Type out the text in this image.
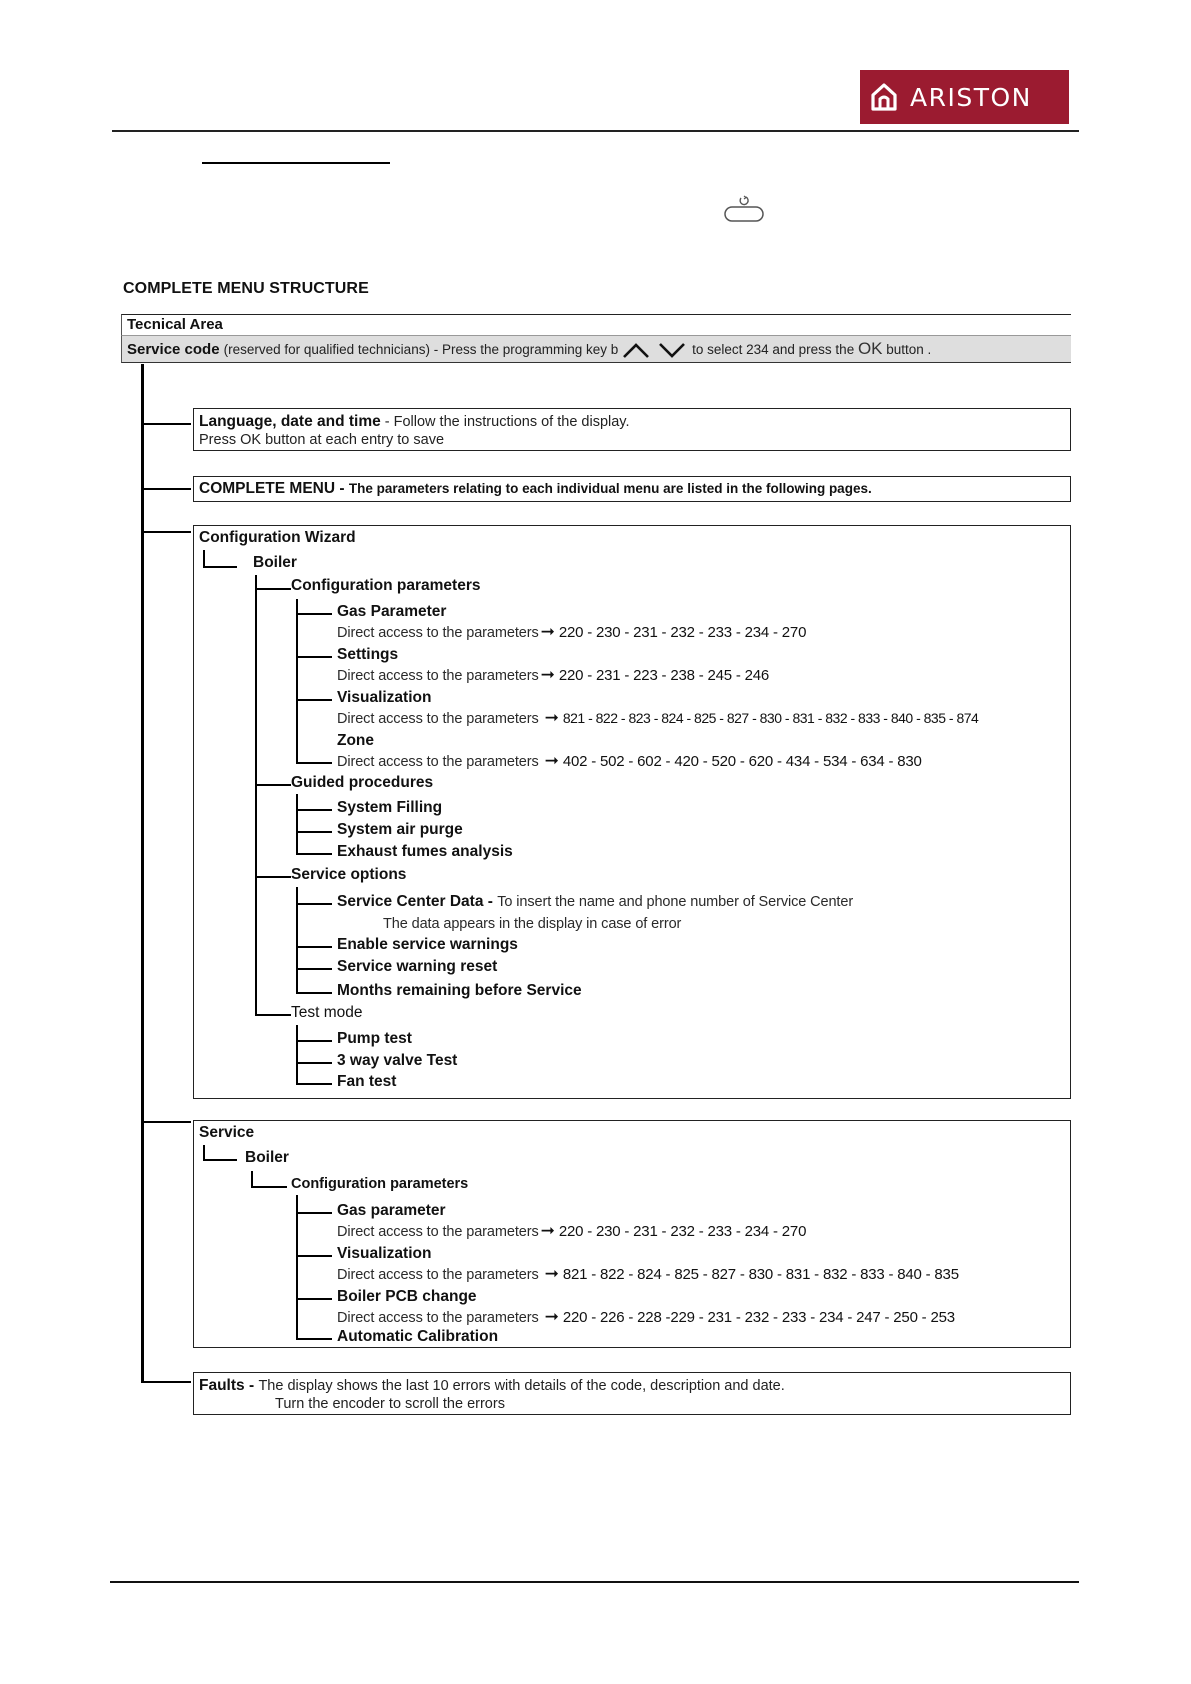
ARISTON
COMPLETE MENU STRUCTURE
Tecnical Area
Service code (reserved for qualified technicians) - Press the programming key b	to select 234 and press the OK button .
Language, date and time - Follow the instructions of the display.
Press OK button at each entry to save
COMPLETE MENU - The parameters relating to each individual menu are listed in the following pages.
Configuration Wizard
Boiler
Configuration parameters
Gas Parameter
Direct access to the parameters ➞ 220 - 230 - 231 - 232 - 233 - 234 - 270
Settings
Direct access to the parameters ➞ 220 - 231 - 223 - 238 - 245 - 246
Visualization
Direct access to the parameters ➞ 821 - 822 - 823 - 824 - 825 - 827 - 830 - 831 - 832 - 833 - 840 - 835 - 874
Zone
Direct access to the parameters ➞ 402 - 502 - 602 - 420 - 520 - 620 - 434 - 534 - 634 - 830
Guided procedures
System Filling
System air purge
Exhaust fumes analysis
Service options
Service Center Data - To insert the name and phone number of Service Center
The data appears in the display in case of error
Enable service warnings
Service warning reset
Months remaining before Service
Test mode
Pump test
3 way valve Test
Fan test
Service
Boiler
Configuration parameters
Gas parameter
Direct access to the parameters ➞ 220 - 230 - 231 - 232 - 233 - 234 - 270
Visualization
Direct access to the parameters ➞ 821 - 822 - 824 - 825 - 827 - 830 - 831 - 832 - 833 - 840 - 835
Boiler PCB change
Direct access to the parameters ➞ 220 - 226 - 228 -229 - 231 - 232 - 233 - 234 - 247 - 250 - 253
Automatic Calibration
Faults - The display shows the last 10 errors with details of the code, description and date.
Turn the encoder to scroll the errors
